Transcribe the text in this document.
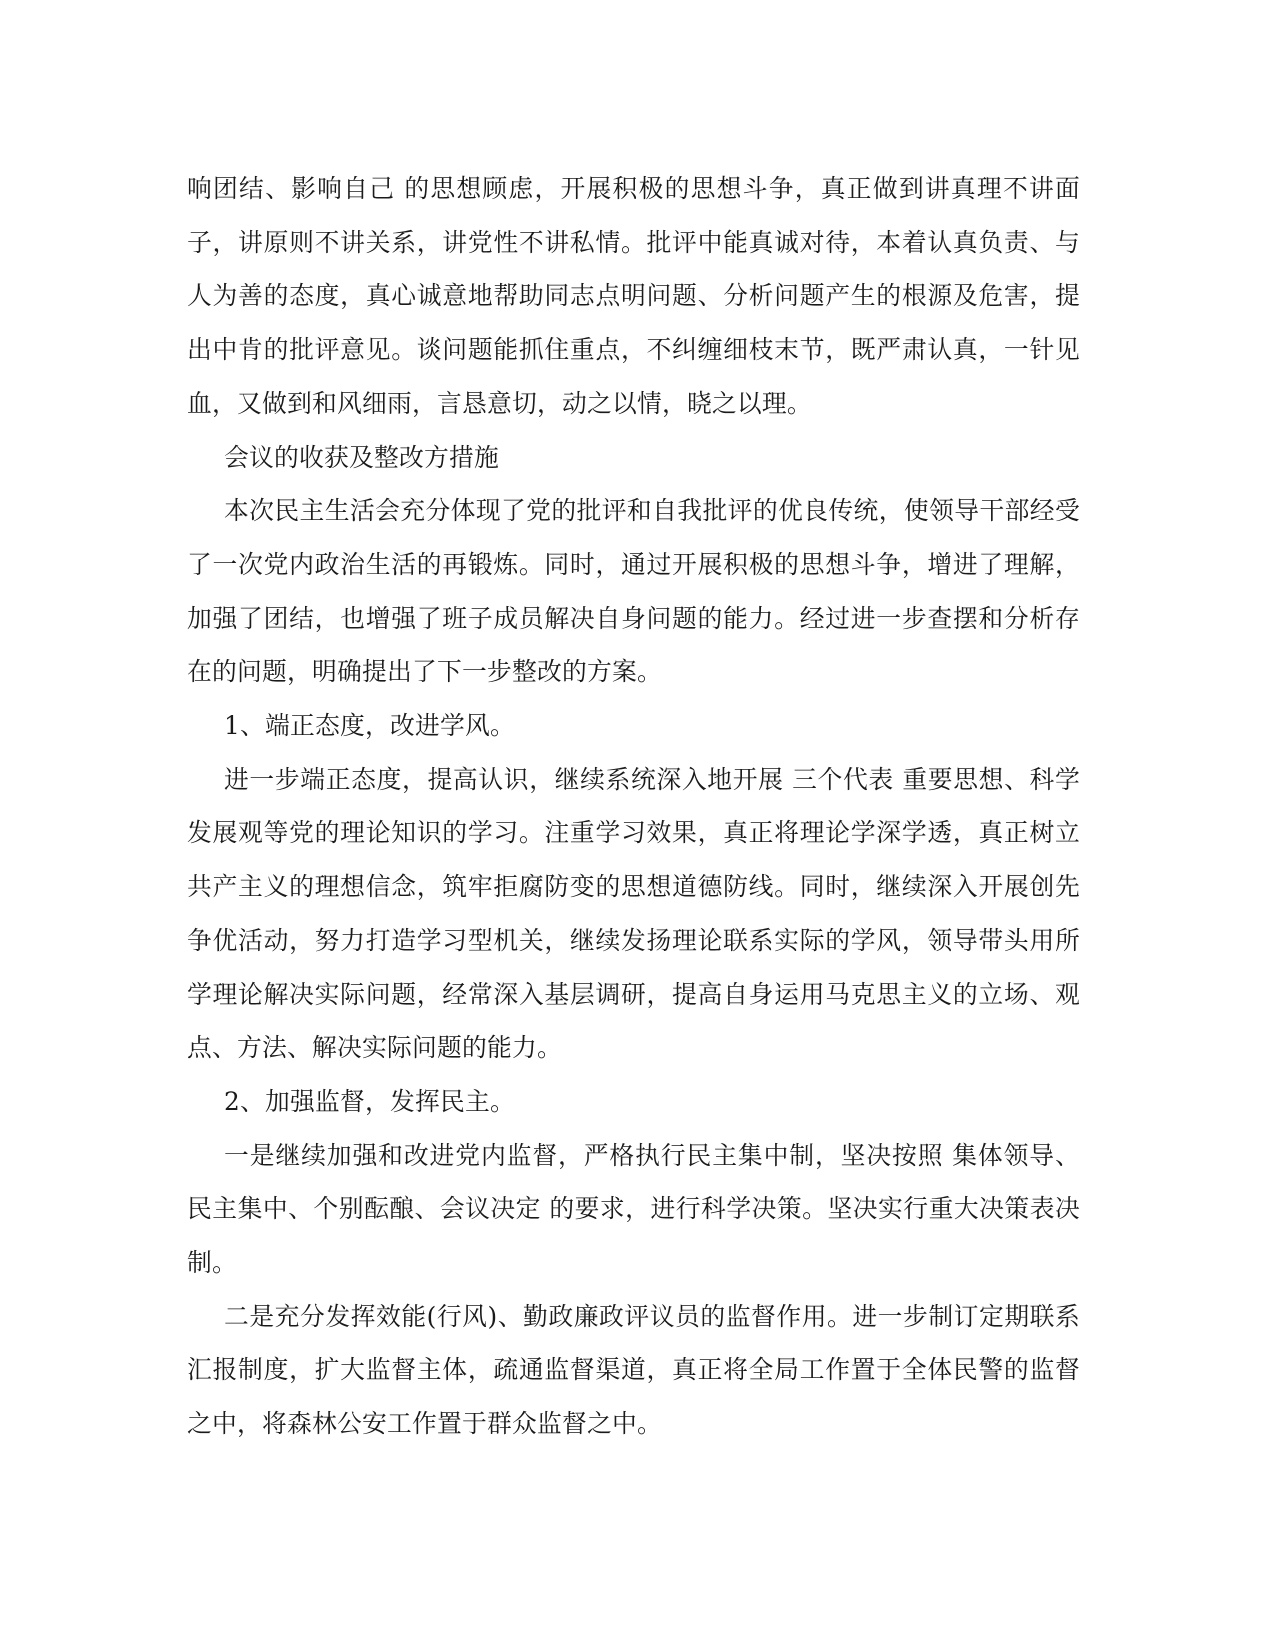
响团结、影响自己 的思想顾虑，开展积极的思想斗争，真正做到讲真理不讲面子，讲原则不讲关系，讲党性不讲私情。批评中能真诚对待，本着认真负责、与人为善的态度，真心诚意地帮助同志点明问题、分析问题产生的根源及危害，提出中肯的批评意见。谈问题能抓住重点，不纠缠细枝末节，既严肃认真，一针见血，又做到和风细雨，言恳意切，动之以情，晓之以理。

会议的收获及整改方措施

本次民主生活会充分体现了党的批评和自我批评的优良传统，使领导干部经受了一次党内政治生活的再锻炼。同时，通过开展积极的思想斗争，增进了理解，加强了团结，也增强了班子成员解决自身问题的能力。经过进一步查摆和分析存在的问题，明确提出了下一步整改的方案。

1、端正态度，改进学风。

进一步端正态度，提高认识，继续系统深入地开展 三个代表 重要思想、科学发展观等党的理论知识的学习。注重学习效果，真正将理论学深学透，真正树立共产主义的理想信念，筑牢拒腐防变的思想道德防线。同时，继续深入开展创先争优活动，努力打造学习型机关，继续发扬理论联系实际的学风，领导带头用所学理论解决实际问题，经常深入基层调研，提高自身运用马克思主义的立场、观点、方法、解决实际问题的能力。

2、加强监督，发挥民主。

一是继续加强和改进党内监督，严格执行民主集中制，坚决按照 集体领导、民主集中、个别酝酿、会议决定 的要求，进行科学决策。坚决实行重大决策表决制。

二是充分发挥效能(行风)、勤政廉政评议员的监督作用。进一步制订定期联系汇报制度，扩大监督主体，疏通监督渠道，真正将全局工作置于全体民警的监督之中，将森林公安工作置于群众监督之中。
